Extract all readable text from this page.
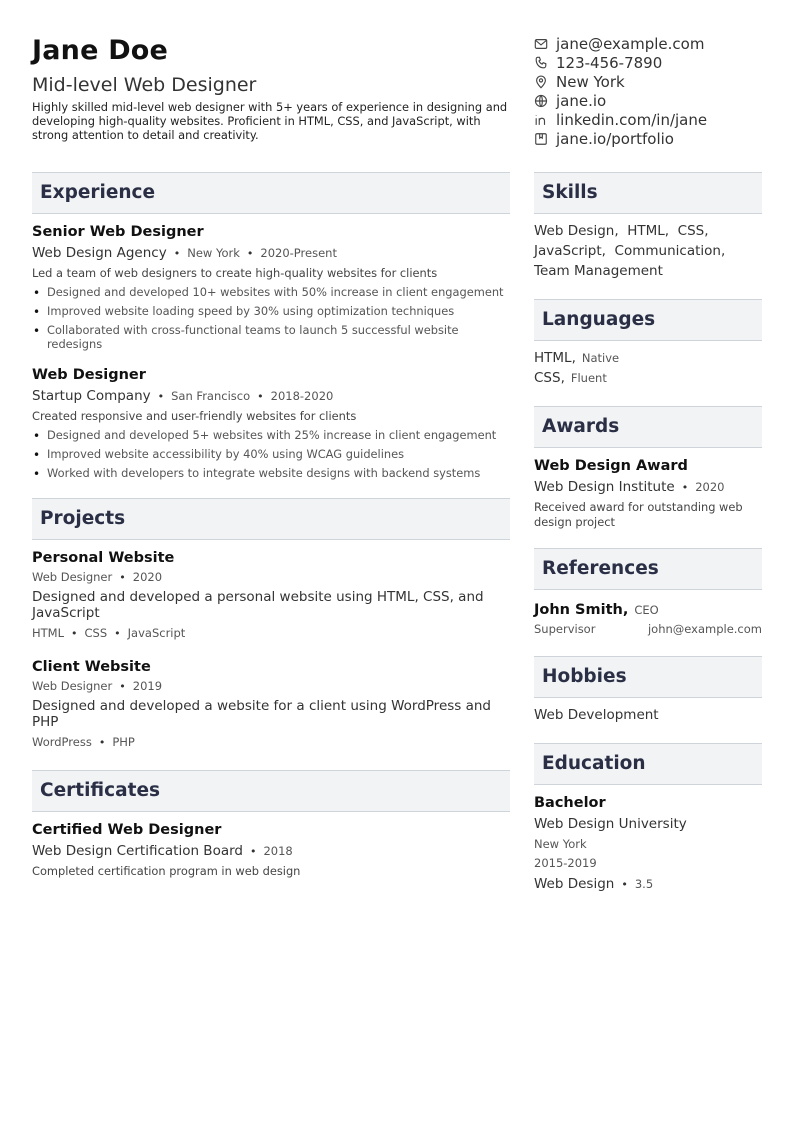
Jane Doe
Mid-level Web Designer
Highly skilled mid-level web designer with 5+ years of experience in designing and developing high-quality websites. Proficient in HTML, CSS, and JavaScript, with strong attention to detail and creativity.
jane@example.com
123-456-7890
New York
jane.io
linkedin.com/in/jane
jane.io/portfolio
Experience
Senior Web Designer
Web Design Agency • New York • 2020-Present
Led a team of web designers to create high-quality websites for clients
• Designed and developed 10+ websites with 50% increase in client engagement
• Improved website loading speed by 30% using optimization techniques
• Collaborated with cross-functional teams to launch 5 successful website redesigns
Web Designer
Startup Company • San Francisco • 2018-2020
Created responsive and user-friendly websites for clients
• Designed and developed 5+ websites with 25% increase in client engagement
• Improved website accessibility by 40% using WCAG guidelines
• Worked with developers to integrate website designs with backend systems
Projects
Personal Website
Web Designer • 2020
Designed and developed a personal website using HTML, CSS, and JavaScript
HTML • CSS • JavaScript
Client Website
Web Designer • 2019
Designed and developed a website for a client using WordPress and PHP
WordPress • PHP
Certificates
Certified Web Designer
Web Design Certification Board • 2018
Completed certification program in web design
Skills
Web Design,  HTML,  CSS, JavaScript,  Communication, Team Management
Languages
HTML, Native
CSS, Fluent
Awards
Web Design Award
Web Design Institute • 2020
Received award for outstanding web design project
References
John Smith, CEO
Supervisor	john@example.com
Hobbies
Web Development
Education
Bachelor
Web Design University
New York
2015-2019
Web Design • 3.5
